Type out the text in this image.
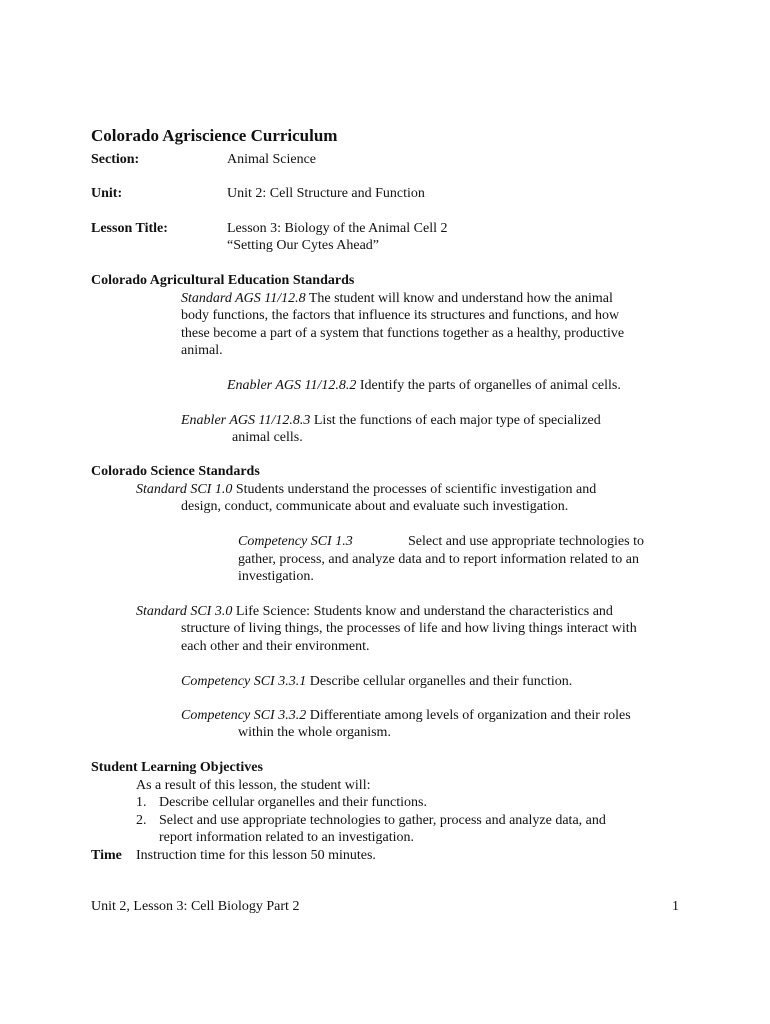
Colorado Agriscience Curriculum
Section:	Animal Science
Unit:	Unit 2: Cell Structure and Function
Lesson Title:	Lesson 3: Biology of the Animal Cell 2
“Setting Our Cytes Ahead”
Colorado Agricultural Education Standards
Standard AGS 11/12.8 The student will know and understand how the animal
body functions, the factors that influence its structures and functions, and how
these become a part of a system that functions together as a healthy, productive
animal.
Enabler AGS 11/12.8.2 Identify the parts of organelles of animal cells.
Enabler AGS 11/12.8.3 List the functions of each major type of specialized
animal cells.
Colorado Science Standards
Standard SCI 1.0 Students understand the processes of scientific investigation and
design, conduct, communicate about and evaluate such investigation.
Competency SCI 1.3	Select and use appropriate technologies to
gather, process, and analyze data and to report information related to an
investigation.
Standard SCI 3.0 Life Science: Students know and understand the characteristics and
structure of living things, the processes of life and how living things interact with
each other and their environment.
Competency SCI 3.3.1 Describe cellular organelles and their function.
Competency SCI 3.3.2 Differentiate among levels of organization and their roles
within the whole organism.
Student Learning Objectives
As a result of this lesson, the student will:
1. Describe cellular organelles and their functions.
2. Select and use appropriate technologies to gather, process and analyze data, and
report information related to an investigation.
Time Instruction time for this lesson 50 minutes.
Unit 2, Lesson 3: Cell Biology Part 2	1
